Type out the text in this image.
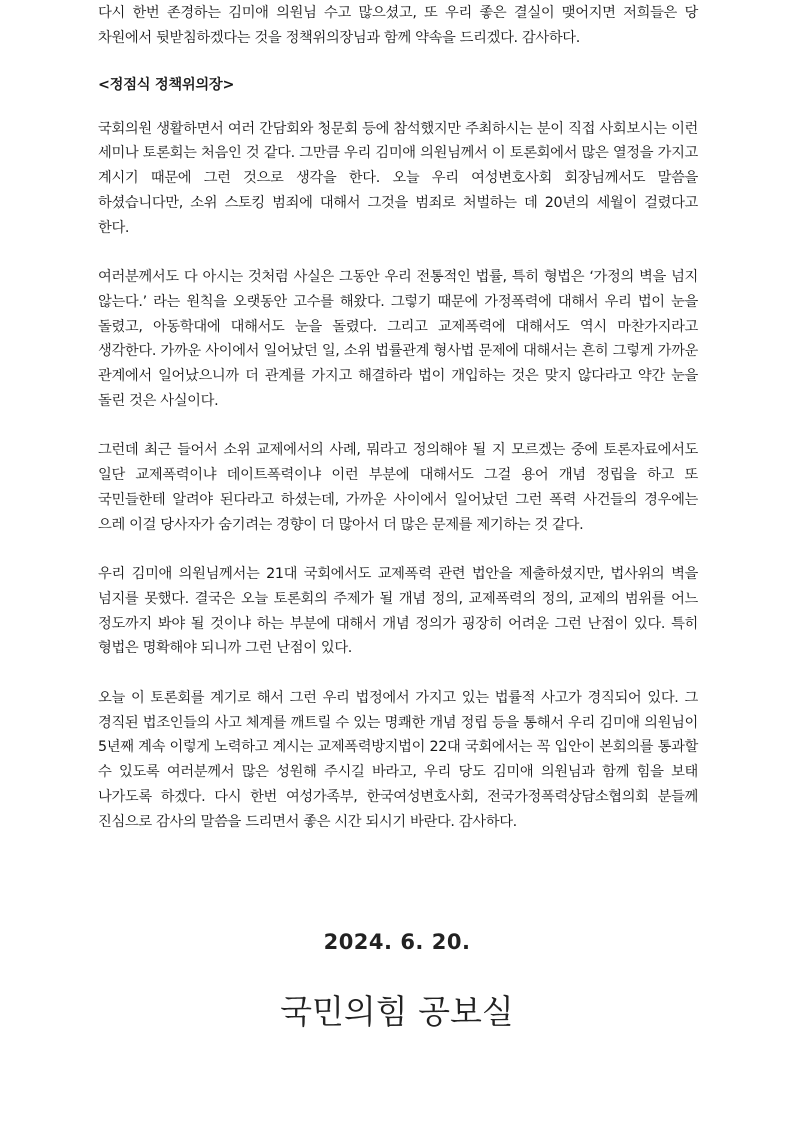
다시 한번 존경하는 김미애 의원님 수고 많으셨고, 또 우리 좋은 결실이 맺어지면 저희들은 당 차원에서 뒷받침하겠다는 것을 정책위의장님과 함께 약속을 드리겠다. 감사하다.

<정점식 정책위의장>

국회의원 생활하면서 여러 간담회와 청문회 등에 참석했지만 주최하시는 분이 직접 사회보시는 이런 세미나 토론회는 처음인 것 같다. 그만큼 우리 김미애 의원님께서 이 토론회에서 많은 열정을 가지고 계시기 때문에 그런 것으로 생각을 한다. 오늘 우리 여성변호사회 회장님께서도 말씀을 하셨습니다만, 소위 스토킹 범죄에 대해서 그것을 범죄로 처벌하는 데 20년의 세월이 걸렸다고 한다.

여러분께서도 다 아시는 것처럼 사실은 그동안 우리 전통적인 법률, 특히 형법은 ‘가정의 벽을 넘지 않는다.’ 라는 원칙을 오랫동안 고수를 해왔다. 그렇기 때문에 가정폭력에 대해서 우리 법이 눈을 돌렸고, 아동학대에 대해서도 눈을 돌렸다. 그리고 교제폭력에 대해서도 역시 마찬가지라고 생각한다. 가까운 사이에서 일어났던 일, 소위 법률관계 형사법 문제에 대해서는 흔히 그렇게 가까운 관계에서 일어났으니까 더 관계를 가지고 해결하라 법이 개입하는 것은 맞지 않다라고 약간 눈을 돌린 것은 사실이다.

그런데 최근 들어서 소위 교제에서의 사례, 뭐라고 정의해야 될 지 모르겠는 중에 토론자료에서도 일단 교제폭력이냐 데이트폭력이냐 이런 부분에 대해서도 그걸 용어 개념 정립을 하고 또 국민들한테 알려야 된다라고 하셨는데, 가까운 사이에서 일어났던 그런 폭력 사건들의 경우에는 으레 이걸 당사자가 숨기려는 경향이 더 많아서 더 많은 문제를 제기하는 것 같다.

우리 김미애 의원님께서는 21대 국회에서도 교제폭력 관련 법안을 제출하셨지만, 법사위의 벽을 넘지를 못했다. 결국은 오늘 토론회의 주제가 될 개념 정의, 교제폭력의 정의, 교제의 범위를 어느 정도까지 봐야 될 것이냐 하는 부분에 대해서 개념 정의가 굉장히 어려운 그런 난점이 있다. 특히 형법은 명확해야 되니까 그런 난점이 있다.

오늘 이 토론회를 계기로 해서 그런 우리 법정에서 가지고 있는 법률적 사고가 경직되어 있다. 그 경직된 법조인들의 사고 체계를 깨트릴 수 있는 명쾌한 개념 정립 등을 통해서 우리 김미애 의원님이 5년째 계속 이렇게 노력하고 계시는 교제폭력방지법이 22대 국회에서는 꼭 입안이 본회의를 통과할 수 있도록 여러분께서 많은 성원해 주시길 바라고, 우리 당도 김미애 의원님과 함께 힘을 보태 나가도록 하겠다. 다시 한번 여성가족부, 한국여성변호사회, 전국가정폭력상담소협의회 분들께 진심으로 감사의 말씀을 드리면서 좋은 시간 되시기 바란다. 감사하다.

2024. 6. 20.
국민의힘 공보실
